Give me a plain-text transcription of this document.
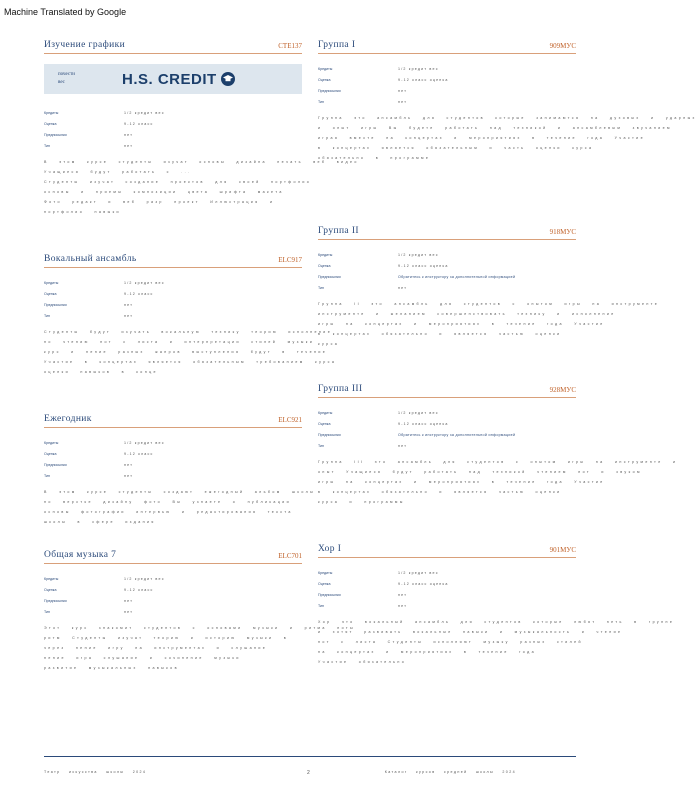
Machine Translated by Google
Изучение графики	CTE137
Кредиты	1/2 кредит вес
Оценка	9-12 класс
Предпосылки	нет
Тип	нет
В этом курсе студенты изучат основы дизайна печать веб видео
Учащиеся будут работать с ...
Студенты изучат создание проектов для своей портфолио
основы и приемы композиции цвета шрифта макета
Фото редакт и веб разр проект Иллюстрация и
портфолио навыки
Вокальный ансамбль	ELC917
Кредиты	1/2 кредит вес
Оценка	9-12 класс
Предпосылки	нет
Тип	нет
Студенты будут изучать вокальную технику теорию исполнение
по чтению нот с листа и интерпретации стилей музыки
курс и пение разных жанров выступления будут в течение
Участие в концертах является обязательным требованием курса
оценки навыков в конце
Ежегодник	ELC921
Кредиты	1/2 кредит вес
Оценка	9-12 класс
Предпосылки	нет
Тип	нет
В этом курсе студенты создают ежегодный альбом школы
по верстке дизайну фото Вы узнаете о публикации
основы фотографии интервью и редактирования текста
школы в сфере издания
Общая музыка 7	ELC701
Кредиты	1/2 кредит вес
Оценка	9-12 класс
Предпосылки	нет
Тип	нет
Этот курс знакомит студентов с основами музыки и ритма ноты
ритм Студенты изучат теорию и историю музыки в
через пение игру на инструментах и слушание
пение игра слушание и сочинение музыки
развитие музыкальных навыков
почести
вес	H.S. CREDIT
Группа I	909MУC
Кредиты	1/2 кредит вес
Оценка	9-12 класс оценка
Предпосылки	нет
Тип	нет
Группа это ансамбль для студентов которые занимаются на духовых и ударных
и опыт игры Вы будете работать над техникой и ансамблевым звучанием
играя вместе на концертах и мероприятиях в течение года Участие
в концертах является обязательным и часть оценки курса
обязательно в программе
Группа II	918MУC
Кредиты	1/2 кредит вес
Оценка	9-12 класс оценка
Предпосылки	Обратитесь к инструктору за дополнительной информацией
Тип	нет
Группа II это ансамбль для студентов с опытом игры на инструменте
инструменте и желанием совершенствовать технику и исполнение
игры на концертах и мероприятиях в течение года Участие
в концертах обязательно и является частью оценки
курса
Группа III	928MУC
Кредиты	1/2 кредит вес
Оценка	9-12 класс оценка
Предпосылки	Обратитесь к инструктору за дополнительной информацией
Тип	нет
Группа III это ансамбль для студентов с опытом игры на инструменте и
опыт Учащиеся будут работать над техникой чтением нот и звуком
игры на концертах и мероприятиях в течение года Участие
в концертах обязательно и является частью оценки
курса и программы
Хор I	901MУC
Кредиты	1/2 кредит вес
Оценка	9-12 класс оценка
Предпосылки	нет
Тип	нет
Хор это вокальный ансамбль для студентов которые любят петь в группе
и хотят развивать вокальные навыки и музыкальность и чтение
нот с листа Студенты исполняют музыку разных стилей
на концертах и мероприятиях в течение года
Участие обязательно
Театр искусства школы 2024	2	Каталог курсов средней школы 2024
